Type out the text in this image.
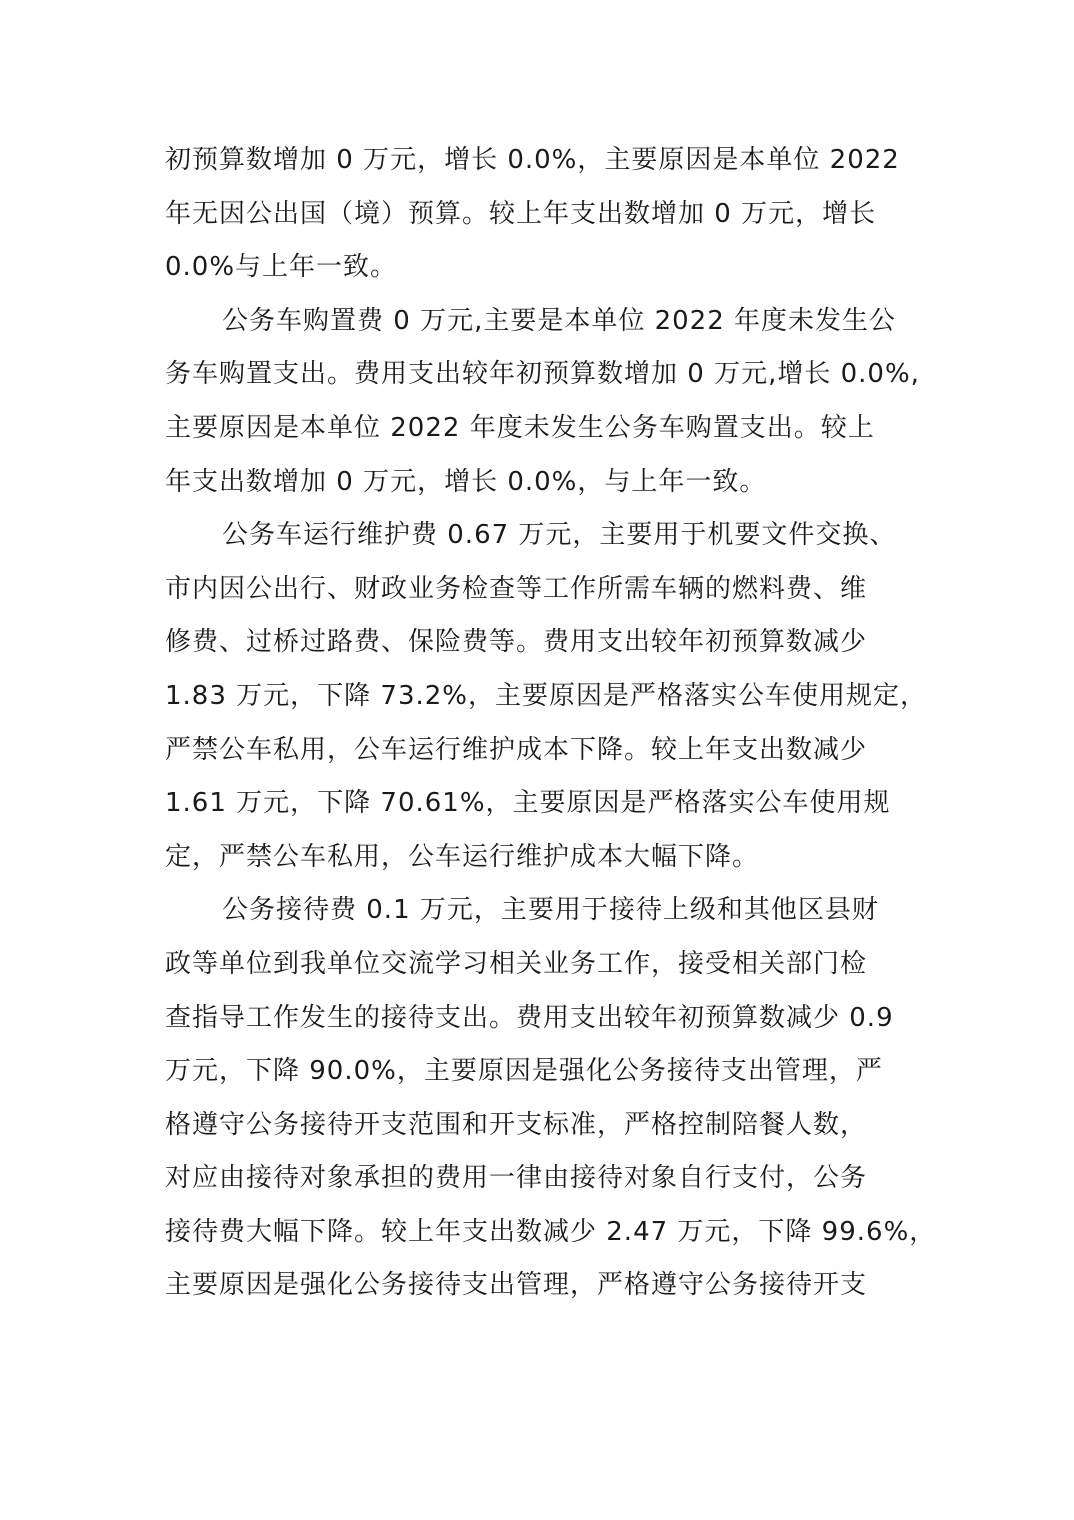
初预算数增加 0 万元，增长 0.0%，主要原因是本单位 2022
年无因公出国（境）预算。较上年支出数增加 0 万元，增长
0.0%与上年一致。
公务车购置费 0 万元,主要是本单位 2022 年度未发生公
务车购置支出。费用支出较年初预算数增加 0 万元,增长 0.0%,
主要原因是本单位 2022 年度未发生公务车购置支出。较上
年支出数增加 0 万元，增长 0.0%，与上年一致。
公务车运行维护费 0.67 万元，主要用于机要文件交换、
市内因公出行、财政业务检查等工作所需车辆的燃料费、维
修费、过桥过路费、保险费等。费用支出较年初预算数减少
1.83 万元，下降 73.2%，主要原因是严格落实公车使用规定，
严禁公车私用，公车运行维护成本下降。较上年支出数减少
1.61 万元，下降 70.61%，主要原因是严格落实公车使用规
定，严禁公车私用，公车运行维护成本大幅下降。
公务接待费 0.1 万元，主要用于接待上级和其他区县财
政等单位到我单位交流学习相关业务工作，接受相关部门检
查指导工作发生的接待支出。费用支出较年初预算数减少 0.9
万元，下降 90.0%，主要原因是强化公务接待支出管理，严
格遵守公务接待开支范围和开支标准，严格控制陪餐人数，
对应由接待对象承担的费用一律由接待对象自行支付，公务
接待费大幅下降。较上年支出数减少 2.47 万元，下降 99.6%，
主要原因是强化公务接待支出管理，严格遵守公务接待开支
